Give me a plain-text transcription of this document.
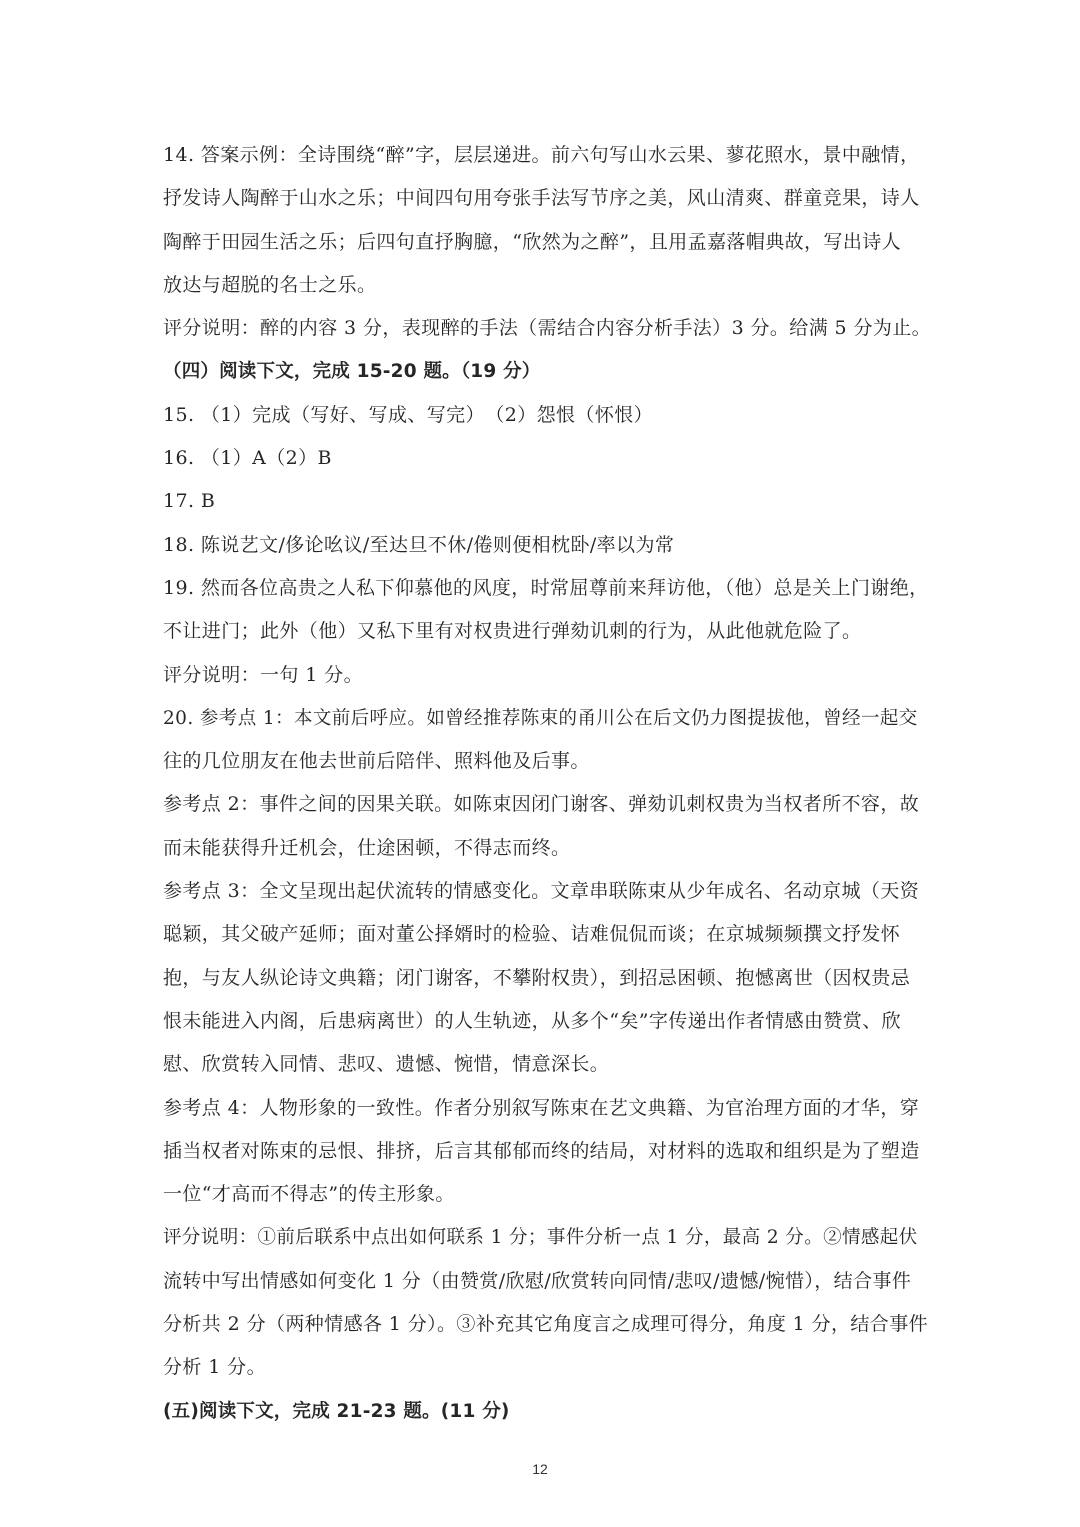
14. 答案示例：全诗围绕“醉”字，层层递进。前六句写山水云果、蓼花照水，景中融情，
抒发诗人陶醉于山水之乐；中间四句用夸张手法写节序之美，风山清爽、群童竞果，诗人
陶醉于田园生活之乐；后四句直抒胸臆，“欣然为之醉”，且用孟嘉落帽典故，写出诗人
放达与超脱的名士之乐。
评分说明：醉的内容 3 分，表现醉的手法（需结合内容分析手法）3 分。给满 5 分为止。
（四）阅读下文，完成 15-20 题。（19 分）
15. （1）完成（写好、写成、写完）　（2）怨恨（怀恨）
16. （1）A（2）B
17. B
18. 陈说艺文/侈论吆议/至达旦不休/倦则便相枕卧/率以为常
19. 然而各位高贵之人私下仰慕他的风度，时常屈尊前来拜访他，（他）总是关上门谢绝，
不让进门；此外（他）又私下里有对权贵进行弹劾讥刺的行为，从此他就危险了。
评分说明：一句 1 分。
20. 参考点 1：本文前后呼应。如曾经推荐陈束的甬川公在后文仍力图提拔他，曾经一起交
往的几位朋友在他去世前后陪伴、照料他及后事。
参考点 2：事件之间的因果关联。如陈束因闭门谢客、弹劾讥刺权贵为当权者所不容，故
而未能获得升迁机会，仕途困顿，不得志而终。
参考点 3：全文呈现出起伏流转的情感变化。文章串联陈束从少年成名、名动京城（天资
聪颖，其父破产延师；面对董公择婿时的检验、诘难侃侃而谈；在京城频频撰文抒发怀
抱，与友人纵论诗文典籍；闭门谢客，不攀附权贵），到招忌困顿、抱憾离世（因权贵忌
恨未能进入内阁，后患病离世）的人生轨迹，从多个“矣”字传递出作者情感由赞赏、欣
慰、欣赏转入同情、悲叹、遗憾、惋惜，情意深长。
参考点 4：人物形象的一致性。作者分别叙写陈束在艺文典籍、为官治理方面的才华，穿
插当权者对陈束的忌恨、排挤，后言其郁郁而终的结局，对材料的选取和组织是为了塑造
一位“才高而不得志”的传主形象。
评分说明：①前后联系中点出如何联系 1 分；事件分析一点 1 分，最高 2 分。②情感起伏
流转中写出情感如何变化 1 分（由赞赏/欣慰/欣赏转向同情/悲叹/遗憾/惋惜），结合事件
分析共 2 分（两种情感各 1 分）。③补充其它角度言之成理可得分，角度 1 分，结合事件
分析 1 分。
(五)阅读下文，完成 21-23 题。(11 分)
12
